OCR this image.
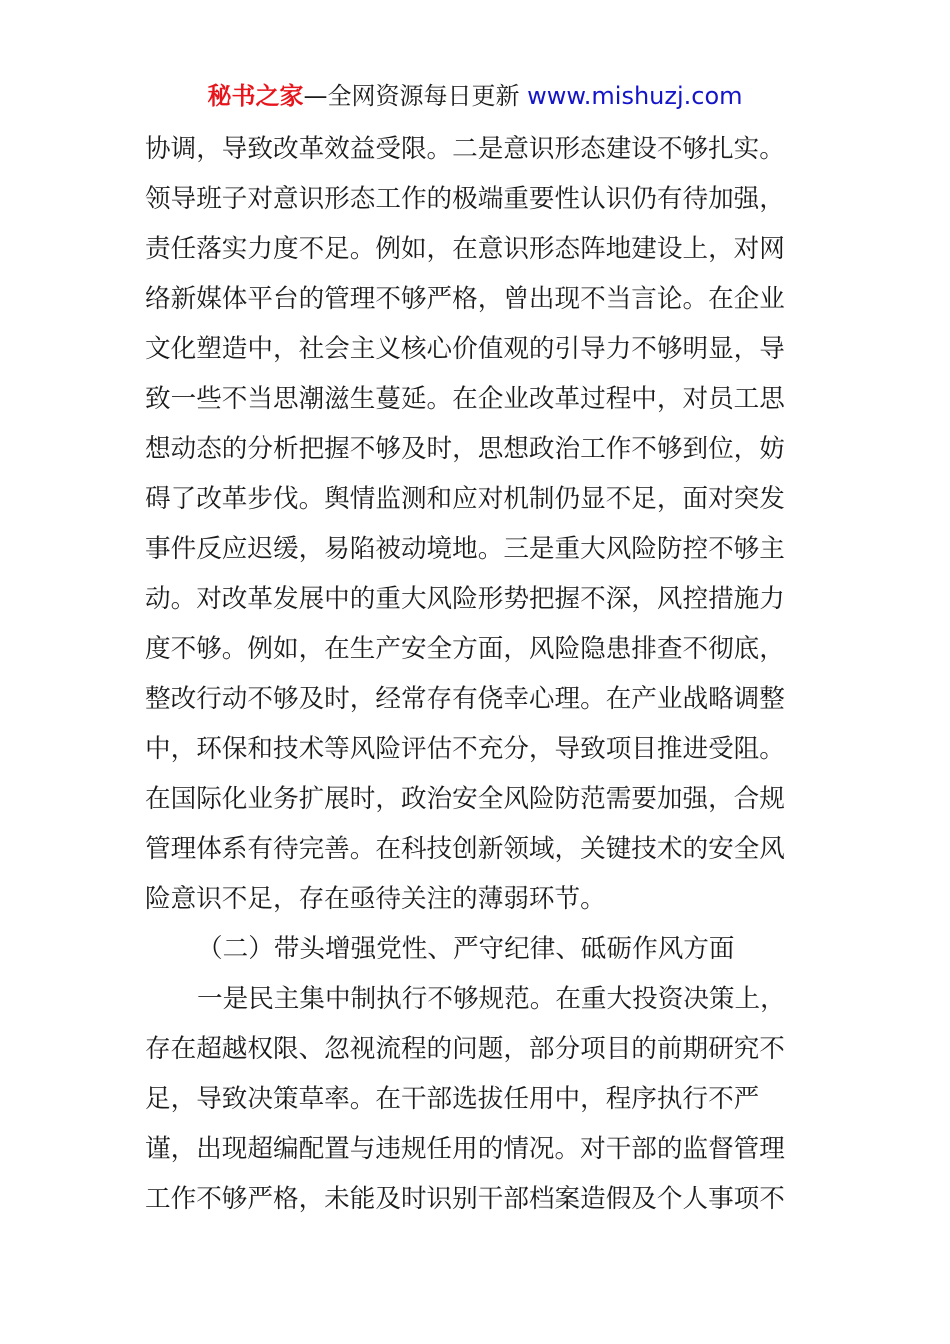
秘书之家—全网资源每日更新 www.mishuzj.com
协调，导致改革效益受限。二是意识形态建设不够扎实。
领导班子对意识形态工作的极端重要性认识仍有待加强，
责任落实力度不足。例如，在意识形态阵地建设上，对网
络新媒体平台的管理不够严格，曾出现不当言论。在企业
文化塑造中，社会主义核心价值观的引导力不够明显，导
致一些不当思潮滋生蔓延。在企业改革过程中，对员工思
想动态的分析把握不够及时，思想政治工作不够到位，妨
碍了改革步伐。舆情监测和应对机制仍显不足，面对突发
事件反应迟缓，易陷被动境地。三是重大风险防控不够主
动。对改革发展中的重大风险形势把握不深，风控措施力
度不够。例如，在生产安全方面，风险隐患排查不彻底，
整改行动不够及时，经常存有侥幸心理。在产业战略调整
中，环保和技术等风险评估不充分，导致项目推进受阻。
在国际化业务扩展时，政治安全风险防范需要加强，合规
管理体系有待完善。在科技创新领域，关键技术的安全风
险意识不足，存在亟待关注的薄弱环节。
（二）带头增强党性、严守纪律、砥砺作风方面
一是民主集中制执行不够规范。在重大投资决策上，
存在超越权限、忽视流程的问题，部分项目的前期研究不
足，导致决策草率。在干部选拔任用中，程序执行不严
谨，出现超编配置与违规任用的情况。对干部的监督管理
工作不够严格，未能及时识别干部档案造假及个人事项不
